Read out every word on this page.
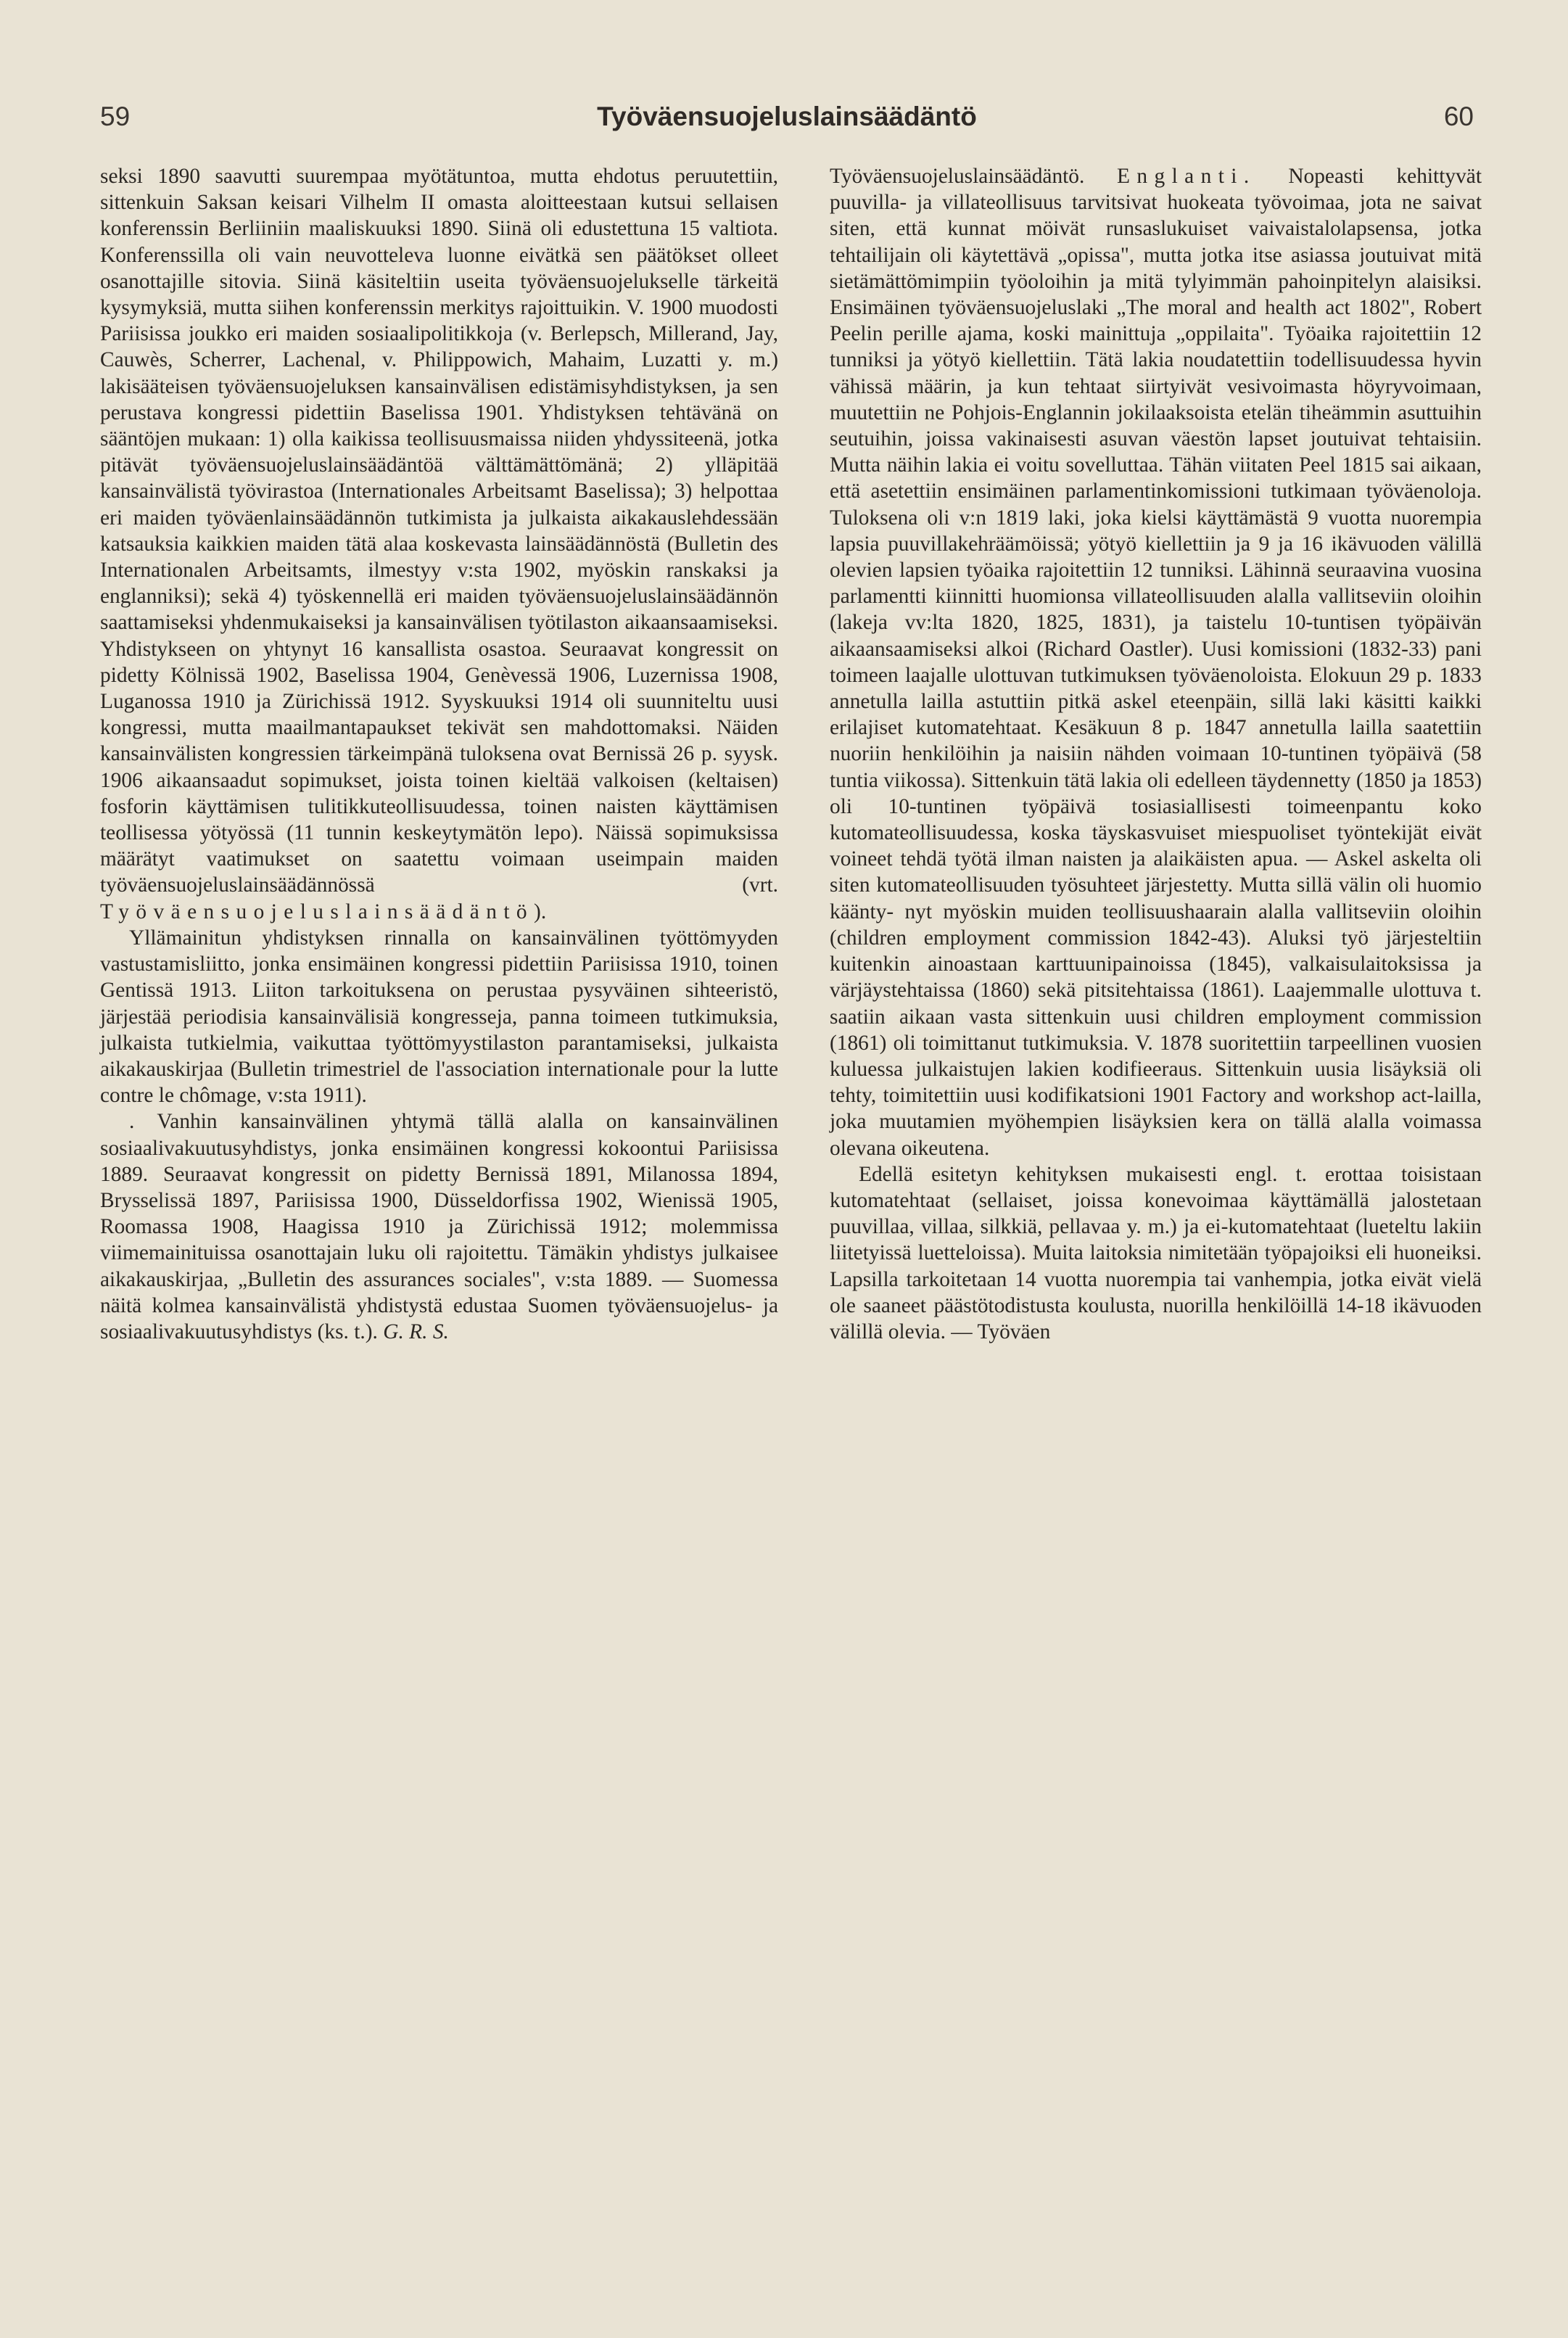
59	Työväensuojeluslainsäädäntö	60

seksi 1890 saavutti suurempaa myötätuntoa, mutta ehdotus peruutettiin, sittenkuin Saksan keisari Vilhelm II omasta aloitteestaan kutsui sellaisen konferenssin Berliiniin maaliskuuksi 1890. Siinä oli edustettuna 15 valtiota. Konferenssilla oli vain neuvotteleva luonne eivätkä sen päätökset olleet osanottajille sitovia. Siinä käsiteltiin useita työväensuojelukselle tärkeitä kysymyksiä, mutta siihen konferenssin merkitys rajoittuikin. V. 1900 muodosti Pariisissa joukko eri maiden sosiaalipolitikkoja (v. Berlepsch, Millerand, Jay, Cauwès, Scherrer, Lachenal, v. Philippowich, Mahaim, Luzatti y. m.) lakisääteisen työväensuojeluksen kansainvälisen edistämisyhdistyksen, ja sen perustava kongressi pidettiin Baselissa 1901. Yhdistyksen tehtävänä on sääntöjen mukaan: 1) olla kaikissa teollisuusmaissa niiden yhdyssiteenä, jotka pitävät työväensuojeluslainsäädäntöä välttämättömänä; 2) ylläpitää kansainvälistä työvirastoa (Internationales Arbeitsamt Baselissa); 3) helpottaa eri maiden työväenlainsäädännön tutkimista ja julkaista aikakauslehdessään katsauksia kaikkien maiden tätä alaa koskevasta lainsäädännöstä (Bulletin des Internationalen Arbeitsamts, ilmestyy v:sta 1902, myöskin ranskaksi ja englanniksi); sekä 4) työskennellä eri maiden työväensuojeluslainsäädännön saattamiseksi yhdenmukaiseksi ja kansainvälisen työtilaston aikaansaamiseksi. Yhdistykseen on yhtynyt 16 kansallista osastoa. Seuraavat kongressit on pidetty Kölnissä 1902, Baselissa 1904, Genèvessä 1906, Luzernissa 1908, Luganossa 1910 ja Zürichissä 1912. Syyskuuksi 1914 oli suunniteltu uusi kongressi, mutta maailmantapaukset tekivät sen mahdottomaksi. Näiden kansainvälisten kongressien tärkeimpänä tuloksena ovat Bernissä 26 p. syysk. 1906 aikaansaadut sopimukset, joista toinen kieltää valkoisen (keltaisen) fosforin käyttämisen tulitikkuteollisuudessa, toinen naisten käyttämisen teollisessa yötyössä (11 tunnin keskeytymätön lepo). Näissä sopimuksissa määrätyt vaatimukset on saatettu voimaan useimpain maiden työväensuojeluslainsäädännössä (vrt. Työväensuojeluslainsäädäntö).

Yllämainitun yhdistyksen rinnalla on kansainvälinen työttömyyden vastustamisliitto, jonka ensimäinen kongressi pidettiin Pariisissa 1910, toinen Gentissä 1913. Liiton tarkoituksena on perustaa pysyväinen sihteeristö, järjestää periodisia kansainvälisiä kongresseja, panna toimeen tutkimuksia, julkaista tutkielmia, vaikuttaa työttömyystilaston parantamiseksi, julkaista aikakauskirjaa (Bulletin trimestriel de l'association internationale pour la lutte contre le chômage, v:sta 1911).

. Vanhin kansainvälinen yhtymä tällä alalla on kansainvälinen sosiaalivakuutusyhdistys, jonka ensimäinen kongressi kokoontui Pariisissa 1889. Seuraavat kongressit on pidetty Bernissä 1891, Milanossa 1894, Brysselissä 1897, Pariisissa 1900, Düsseldorfissa 1902, Wienissä 1905, Roomassa 1908, Haagissa 1910 ja Zürichissä 1912; molemmissa viimemainituissa osanottajain luku oli rajoitettu. Tämäkin yhdistys julkaisee aikakauskirjaa, „Bulletin des assurances sociales", v:sta 1889. — Suomessa näitä kolmea kansainvälistä yhdistystä edustaa Suomen työväensuojelus- ja sosiaalivakuutusyhdistys (ks. t.). G. R. S.

Työväensuojeluslainsäädäntö. Englanti. Nopeasti kehittyvät puuvilla- ja villateollisuus tarvitsivat huokeata työvoimaa, jota ne saivat siten, että kunnat möivät runsaslukuiset vaivaistalolapsensa, jotka tehtailijain oli käytettävä „opissa", mutta jotka itse asiassa joutuivat mitä sietämättömimpiin työoloihin ja mitä tylyimmän pahoinpitelyn alaisiksi. Ensimäinen työväensuojeluslaki „The moral and health act 1802", Robert Peelin perille ajama, koski mainittuja „oppilaita". Työaika rajoitettiin 12 tunniksi ja yötyö kiellettiin. Tätä lakia noudatettiin todellisuudessa hyvin vähissä määrin, ja kun tehtaat siirtyivät vesivoimasta höyryvoimaan, muutettiin ne Pohjois-Englannin jokilaaksoista etelän tiheämmin asuttuihin seutuihin, joissa vakinaisesti asuvan väestön lapset joutuivat tehtaisiin. Mutta näihin lakia ei voitu sovelluttaa. Tähän viitaten Peel 1815 sai aikaan, että asetettiin ensimäinen parlamentinkomissioni tutkimaan työväenoloja. Tuloksena oli v:n 1819 laki, joka kielsi käyttämästä 9 vuotta nuorempia lapsia puuvillakehräämöissä; yötyö kiellettiin ja 9 ja 16 ikävuoden välillä olevien lapsien työaika rajoitettiin 12 tunniksi. Lähinnä seuraavina vuosina parlamentti kiinnitti huomionsa villateollisuuden alalla vallitseviin oloihin (lakeja vv:lta 1820, 1825, 1831), ja taistelu 10-tuntisen työpäivän aikaansaamiseksi alkoi (Richard Oastler). Uusi komissioni (1832-33) pani toimeen laajalle ulottuvan tutkimuksen työväenoloista. Elokuun 29 p. 1833 annetulla lailla astuttiin pitkä askel eteenpäin, sillä laki käsitti kaikki erilajiset kutomatehtaat. Kesäkuun 8 p. 1847 annetulla lailla saatettiin nuoriin henkilöihin ja naisiin nähden voimaan 10-tuntinen työpäivä (58 tuntia viikossa). Sittenkuin tätä lakia oli edelleen täydennetty (1850 ja 1853) oli 10-tuntinen työpäivä tosiasiallisesti toimeenpantu koko kutomateollisuudessa, koska täyskasvuiset miespuoliset työntekijät eivät voineet tehdä työtä ilman naisten ja alaikäisten apua. — Askel askelta oli siten kutomateollisuuden työsuhteet järjestetty. Mutta sillä välin oli huomio käänty- nyt myöskin muiden teollisuushaarain alalla vallitseviin oloihin (children employment commission 1842-43). Aluksi työ järjesteltiin kuitenkin ainoastaan karttuunipainoissa (1845), valkaisulaitoksissa ja värjäystehtaissa (1860) sekä pitsitehtaissa (1861). Laajemmalle ulottuva t. saatiin aikaan vasta sittenkuin uusi children employment commission (1861) oli toimittanut tutkimuksia. V. 1878 suoritettiin tarpeellinen vuosien kuluessa julkaistujen lakien kodifieeraus. Sittenkuin uusia lisäyksiä oli tehty, toimitettiin uusi kodifikatsioni 1901 Factory and workshop act-lailla, joka muutamien myöhempien lisäyksien kera on tällä alalla voimassa olevana oikeutena.

Edellä esitetyn kehityksen mukaisesti engl. t. erottaa toisistaan kutomatehtaat (sellaiset, joissa konevoimaa käyttämällä jalostetaan puuvillaa, villaa, silkkiä, pellavaa y. m.) ja ei-kutomatehtaat (lueteltu lakiin liitetyissä luetteloissa). Muita laitoksia nimitetään työpajoiksi eli huoneiksi. Lapsilla tarkoitetaan 14 vuotta nuorempia tai vanhempia, jotka eivät vielä ole saaneet päästötodistusta koulusta, nuorilla henkilöillä 14-18 ikävuoden välillä olevia. — Työväen
